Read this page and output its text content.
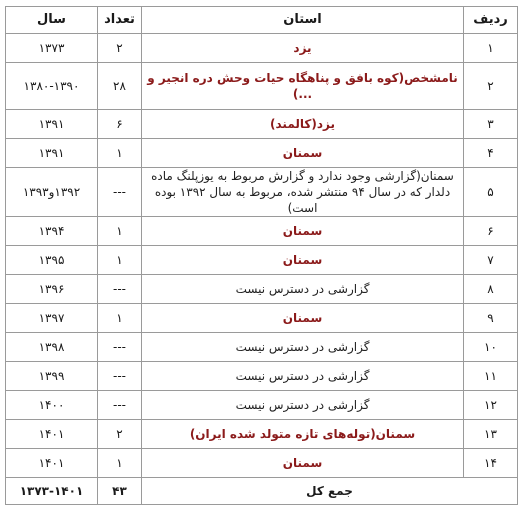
ردیف	استان	تعداد	سال
۱	یزد	۲	۱۳۷۳
۲	نامشخص(کوه بافق و پناهگاه حیات وحش دره انجیر و ...)	۲۸	۱۳۸۰-۱۳۹۰
۳	یزد(کالمند)	۶	۱۳۹۱
۴	سمنان	۱	۱۳۹۱
۵	سمنان(گزارشی وجود ندارد و گزارش مربوط به یوزپلنگ ماده دلدار که در سال ۹۴ منتشر شده، مربوط به سال ۱۳۹۲ بوده است)	---	۱۳۹۲و۱۳۹۳
۶	سمنان	۱	۱۳۹۴
۷	سمنان	۱	۱۳۹۵
۸	گزارشی در دسترس نیست	---	۱۳۹۶
۹	سمنان	۱	۱۳۹۷
۱۰	گزارشی در دسترس نیست	---	۱۳۹۸
۱۱	گزارشی در دسترس نیست	---	۱۳۹۹
۱۲	گزارشی در دسترس نیست	---	۱۴۰۰
۱۳	سمنان(توله‌های تازه متولد شده ایران)	۲	۱۴۰۱
۱۴	سمنان	۱	۱۴۰۱
جمع کل		۴۳	۱۳۷۳-۱۴۰۱
